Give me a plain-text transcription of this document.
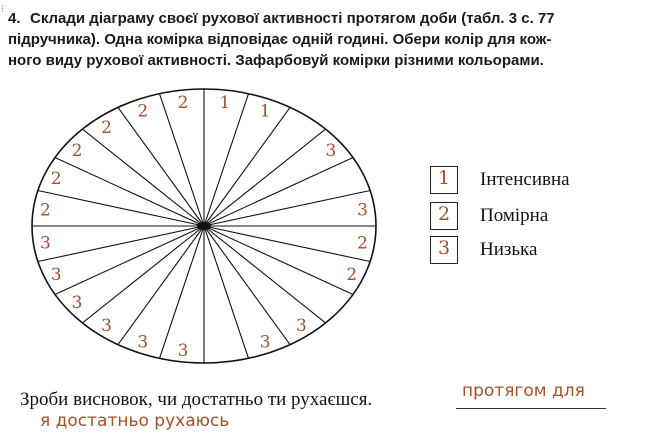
⁝
4. Склади діаграму своєї рухової активності протягом доби (табл. 3 с. 77
підручника). Одна комірка відповідає одній годині. Обери колір для кож-
ного виду рухової активності. Зафарбовуй комірки різними кольорами.
1 1
3
3
2
2
3
3
3
3
3
3
3
3
2
2
2
2
2 2
1	Інтенсивна
2	Помірна
3	Низька
Зроби висновок, чи достатньо ти рухаєшся.	протягом для
я достатньо рухаюсь
